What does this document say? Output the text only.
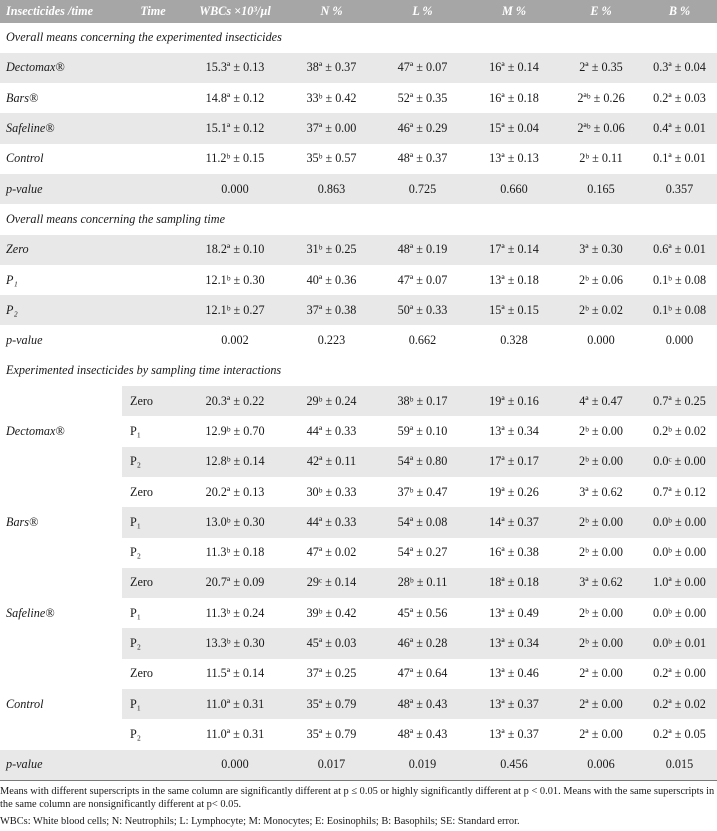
Insecticides /time	Time	WBCs ×10³/µl	N %	L %	M %	E %	B %
Overall means concerning the experimented insecticides							
Dectomax®		15.3ª ± 0.13	38ª ± 0.37	47ª ± 0.07	16ª ± 0.14	2ª ± 0.35	0.3ª ± 0.04
Bars®		14.8ª ± 0.12	33ᵇ ± 0.42	52ª ± 0.35	16ª ± 0.18	2ªᵇ ± 0.26	0.2ª ± 0.03
Safeline®		15.1ª ± 0.12	37ª ± 0.00	46ª ± 0.29	15ª ± 0.04	2ªᵇ ± 0.06	0.4ª ± 0.01
Control		11.2ᵇ ± 0.15	35ᵇ ± 0.57	48ª ± 0.37	13ª ± 0.13	2ᵇ ± 0.11	0.1ª ± 0.01
p-value		0.000	0.863	0.725	0.660	0.165	0.357
Overall means concerning the sampling time							
Zero		18.2ª ± 0.10	31ᵇ ± 0.25	48ª ± 0.19	17ª ± 0.14	3ª ± 0.30	0.6ª ± 0.01
P₁		12.1ᵇ ± 0.30	40ª ± 0.36	47ª ± 0.07	13ª ± 0.18	2ᵇ ± 0.06	0.1ᵇ ± 0.08
P₂		12.1ᵇ ± 0.27	37ª ± 0.38	50ª ± 0.33	15ª ± 0.15	2ᵇ ± 0.02	0.1ᵇ ± 0.08
p-value		0.002	0.223	0.662	0.328	0.000	0.000
Experimented insecticides by sampling time interactions							
Dectomax®	Zero	20.3ª ± 0.22	29ᵇ ± 0.24	38ᵇ ± 0.17	19ª ± 0.16	4ª ± 0.47	0.7ª ± 0.25
	P₁	12.9ᵇ ± 0.70	44ª ± 0.33	59ª ± 0.10	13ª ± 0.34	2ᵇ ± 0.00	0.2ᵇ ± 0.02
	P₂	12.8ᵇ ± 0.14	42ª ± 0.11	54ª ± 0.80	17ª ± 0.17	2ᵇ ± 0.00	0.0ᶜ ± 0.00
Bars®	Zero	20.2ª ± 0.13	30ᵇ ± 0.33	37ᵇ ± 0.47	19ª ± 0.26	3ª ± 0.62	0.7ª ± 0.12
	P₁	13.0ᵇ ± 0.30	44ª ± 0.33	54ª ± 0.08	14ª ± 0.37	2ᵇ ± 0.00	0.0ᵇ ± 0.00
	P₂	11.3ᵇ ± 0.18	47ª ± 0.02	54ª ± 0.27	16ª ± 0.38	2ᵇ ± 0.00	0.0ᵇ ± 0.00
Safeline®	Zero	20.7ª ± 0.09	29ᶜ ± 0.14	28ᵇ ± 0.11	18ª ± 0.18	3ª ± 0.62	1.0ª ± 0.00
	P₁	11.3ᵇ ± 0.24	39ᵇ ± 0.42	45ª ± 0.56	13ª ± 0.49	2ᵇ ± 0.00	0.0ᵇ ± 0.00
	P₂	13.3ᵇ ± 0.30	45ª ± 0.03	46ª ± 0.28	13ª ± 0.34	2ᵇ ± 0.00	0.0ᵇ ± 0.01
Control	Zero	11.5ª ± 0.14	37ª ± 0.25	47ª ± 0.64	13ª ± 0.46	2ª ± 0.00	0.2ª ± 0.00
	P₁	11.0ª ± 0.31	35ª ± 0.79	48ª ± 0.43	13ª ± 0.37	2ª ± 0.00	0.2ª ± 0.02
	P₂	11.0ª ± 0.31	35ª ± 0.79	48ª ± 0.43	13ª ± 0.37	2ª ± 0.00	0.2ª ± 0.05
p-value		0.000	0.017	0.019	0.456	0.006	0.015
Means with different superscripts in the same column are significantly different at p ≤ 0.05 or highly significantly different at p < 0.01. Means with the same superscripts in the same column are nonsignificantly different at p< 0.05.
WBCs: White blood cells; N: Neutrophils; L: Lymphocyte; M: Monocytes; E: Eosinophils; B: Basophils; SE: Standard error.
